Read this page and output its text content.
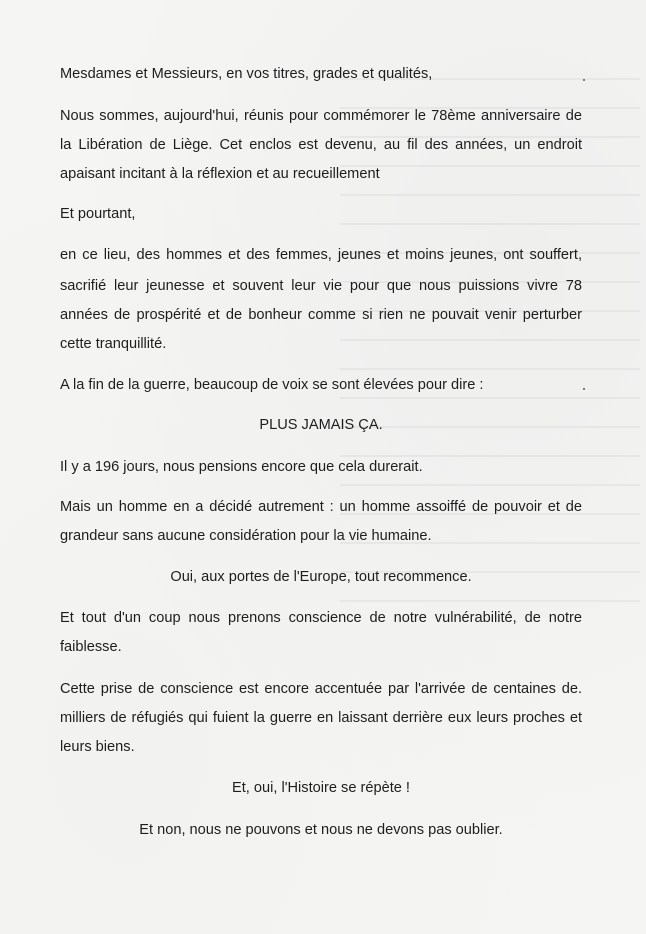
Mesdames et Messieurs, en vos titres, grades et qualités,
Nous sommes, aujourd'hui, réunis pour commémorer le 78ème anniversaire de
la Libération de Liège. Cet enclos est devenu, au fil des années, un endroit
apaisant incitant à la réflexion et au recueillement
Et pourtant,
en ce lieu, des hommes et des femmes, jeunes et moins jeunes, ont souffert,
sacrifié leur jeunesse et souvent leur vie pour que nous puissions vivre 78
années de prospérité et de bonheur comme si rien ne pouvait venir perturber
cette tranquillité.
A la fin de la guerre, beaucoup de voix se sont élevées pour dire :
PLUS JAMAIS ÇA.
Il y a 196 jours, nous pensions encore que cela durerait.
Mais un homme en a décidé autrement : un homme assoiffé de pouvoir et de
grandeur sans aucune considération pour la vie humaine.
Oui, aux portes de l'Europe, tout recommence.
Et tout d'un coup nous prenons conscience de notre vulnérabilité, de notre
faiblesse.
Cette prise de conscience est encore accentuée par l'arrivée de centaines de.
milliers de réfugiés qui fuient la guerre en laissant derrière eux leurs proches et
leurs biens.
Et, oui, l'Histoire se répète !
Et non, nous ne pouvons et nous ne devons pas oublier.
